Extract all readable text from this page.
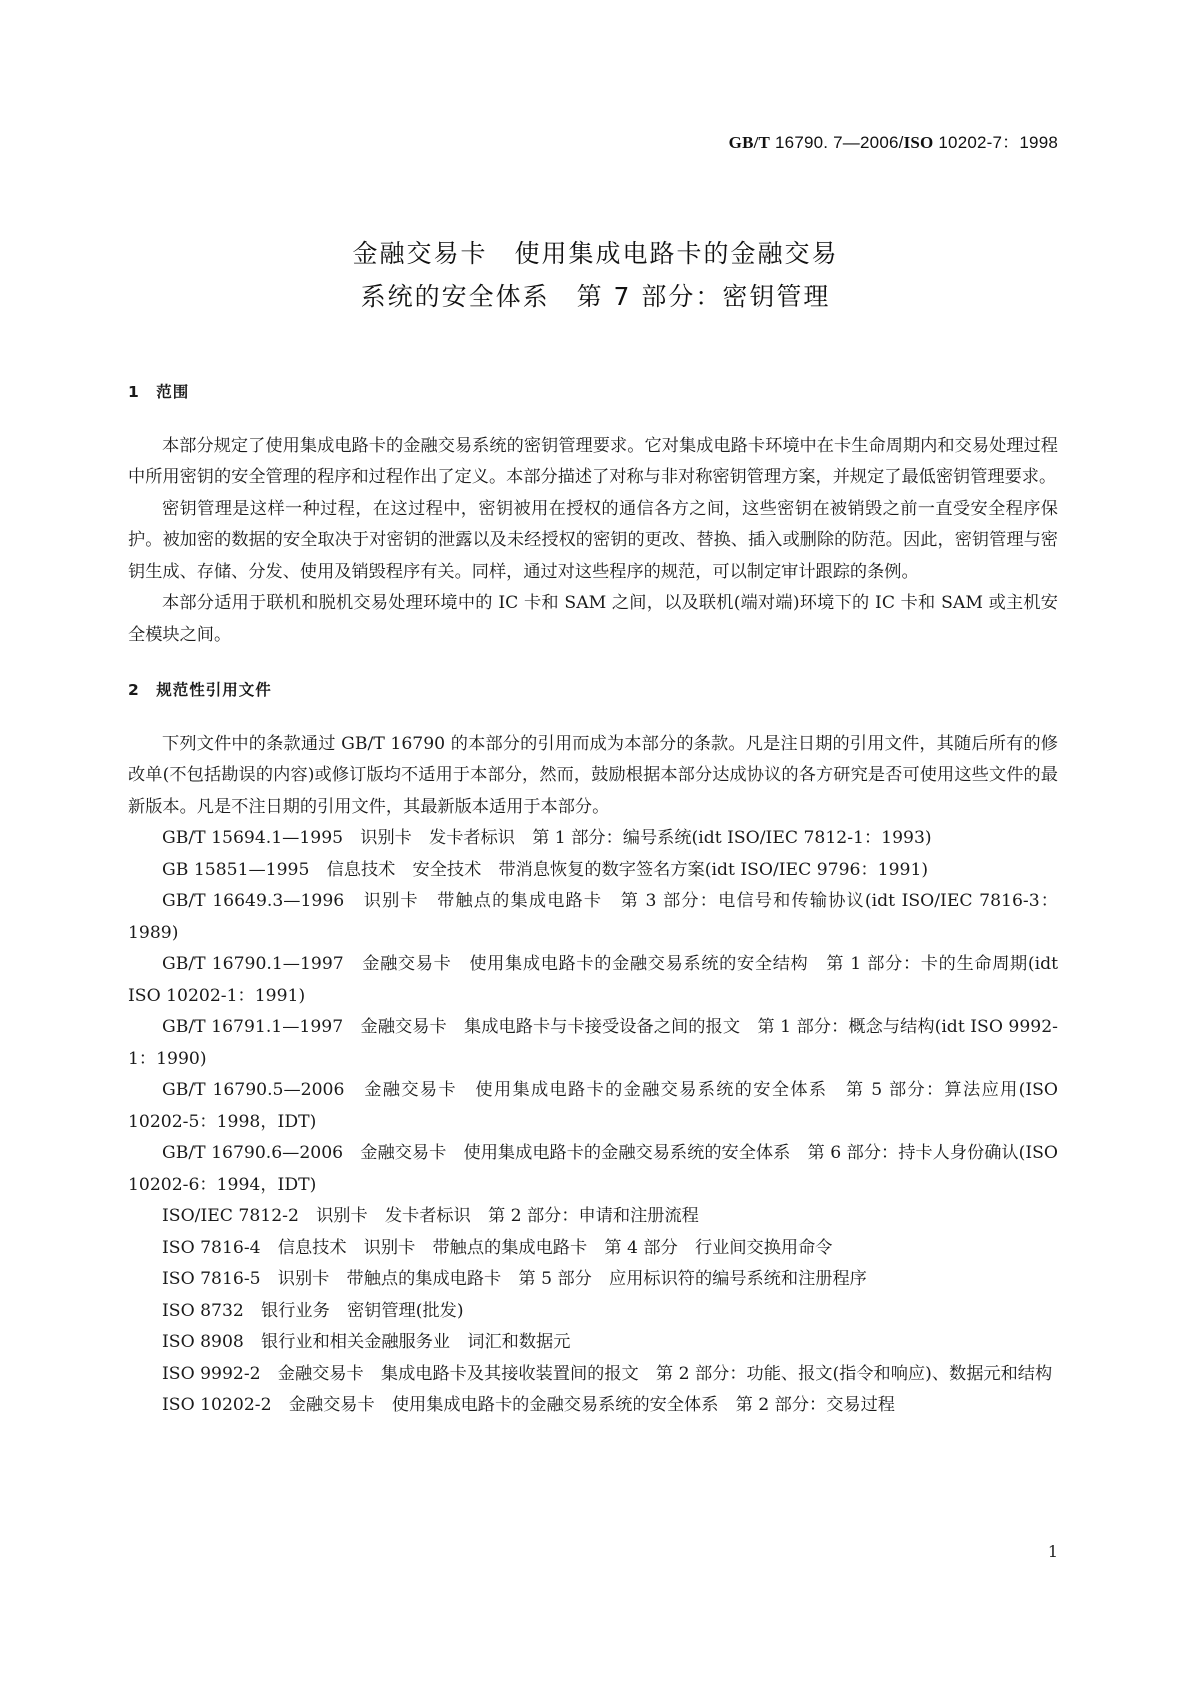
GB/T 16790. 7—2006/ISO 10202-7：1998
金融交易卡　使用集成电路卡的金融交易
系统的安全体系　第 7 部分：密钥管理
1　范围

本部分规定了使用集成电路卡的金融交易系统的密钥管理要求。它对集成电路卡环境中在卡生命周期内和交易处理过程中所用密钥的安全管理的程序和过程作出了定义。本部分描述了对称与非对称密钥管理方案，并规定了最低密钥管理要求。

密钥管理是这样一种过程，在这过程中，密钥被用在授权的通信各方之间，这些密钥在被销毁之前一直受安全程序保护。被加密的数据的安全取决于对密钥的泄露以及未经授权的密钥的更改、替换、插入或删除的防范。因此，密钥管理与密钥生成、存储、分发、使用及销毁程序有关。同样，通过对这些程序的规范，可以制定审计跟踪的条例。

本部分适用于联机和脱机交易处理环境中的 IC 卡和 SAM 之间，以及联机(端对端)环境下的 IC 卡和 SAM 或主机安全模块之间。

2　规范性引用文件

下列文件中的条款通过 GB/T 16790 的本部分的引用而成为本部分的条款。凡是注日期的引用文件，其随后所有的修改单(不包括勘误的内容)或修订版均不适用于本部分，然而，鼓励根据本部分达成协议的各方研究是否可使用这些文件的最新版本。凡是不注日期的引用文件，其最新版本适用于本部分。

GB/T 15694.1—1995　识别卡　发卡者标识　第 1 部分：编号系统(idt ISO/IEC 7812-1：1993)

GB 15851—1995　信息技术　安全技术　带消息恢复的数字签名方案(idt ISO/IEC 9796：1991)

GB/T 16649.3—1996　识别卡　带触点的集成电路卡　第 3 部分：电信号和传输协议(idt ISO/IEC 7816-3：1989)

GB/T 16790.1—1997　金融交易卡　使用集成电路卡的金融交易系统的安全结构　第 1 部分：卡的生命周期(idt ISO 10202-1：1991)

GB/T 16791.1—1997　金融交易卡　集成电路卡与卡接受设备之间的报文　第 1 部分：概念与结构(idt ISO 9992-1：1990)

GB/T 16790.5—2006　金融交易卡　使用集成电路卡的金融交易系统的安全体系　第 5 部分：算法应用(ISO 10202-5：1998，IDT)

GB/T 16790.6—2006　金融交易卡　使用集成电路卡的金融交易系统的安全体系　第 6 部分：持卡人身份确认(ISO 10202-6：1994，IDT)

ISO/IEC 7812-2　识别卡　发卡者标识　第 2 部分：申请和注册流程

ISO 7816-4　信息技术　识别卡　带触点的集成电路卡　第 4 部分　行业间交换用命令

ISO 7816-5　识别卡　带触点的集成电路卡　第 5 部分　应用标识符的编号系统和注册程序

ISO 8732　银行业务　密钥管理(批发)

ISO 8908　银行业和相关金融服务业　词汇和数据元

ISO 9992-2　金融交易卡　集成电路卡及其接收装置间的报文　第 2 部分：功能、报文(指令和响应)、数据元和结构

ISO 10202-2　金融交易卡　使用集成电路卡的金融交易系统的安全体系　第 2 部分：交易过程

1
